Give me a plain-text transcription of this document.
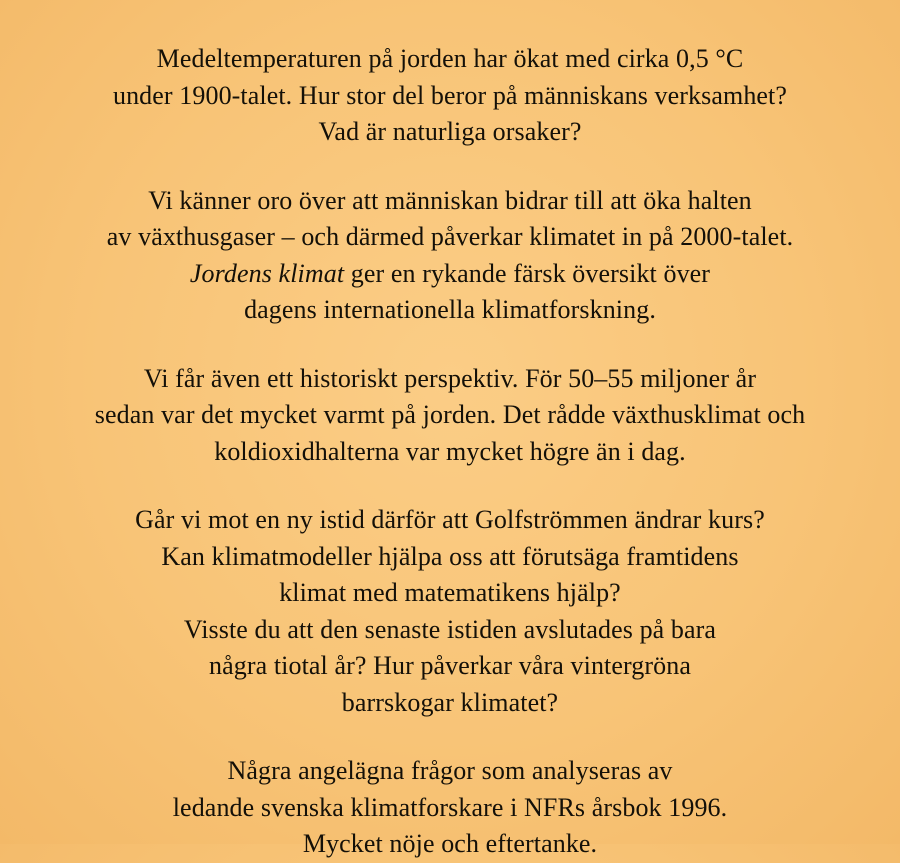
Medeltemperaturen på jorden har ökat med cirka 0,5 °C
under 1900-talet. Hur stor del beror på människans verksamhet?
Vad är naturliga orsaker?

Vi känner oro över att människan bidrar till att öka halten
av växthusgaser – och därmed påverkar klimatet in på 2000-talet.
Jordens klimat ger en rykande färsk översikt över
dagens internationella klimatforskning.

Vi får även ett historiskt perspektiv. För 50–55 miljoner år
sedan var det mycket varmt på jorden. Det rådde växthusklimat och
koldioxidhalterna var mycket högre än i dag.

Går vi mot en ny istid därför att Golfströmmen ändrar kurs?
Kan klimatmodeller hjälpa oss att förutsäga framtidens
klimat med matematikens hjälp?
Visste du att den senaste istiden avslutades på bara
några tiotal år? Hur påverkar våra vintergröna
barrskogar klimatet?

Några angelägna frågor som analyseras av
ledande svenska klimatforskare i NFRs årsbok 1996.
Mycket nöje och eftertanke.
